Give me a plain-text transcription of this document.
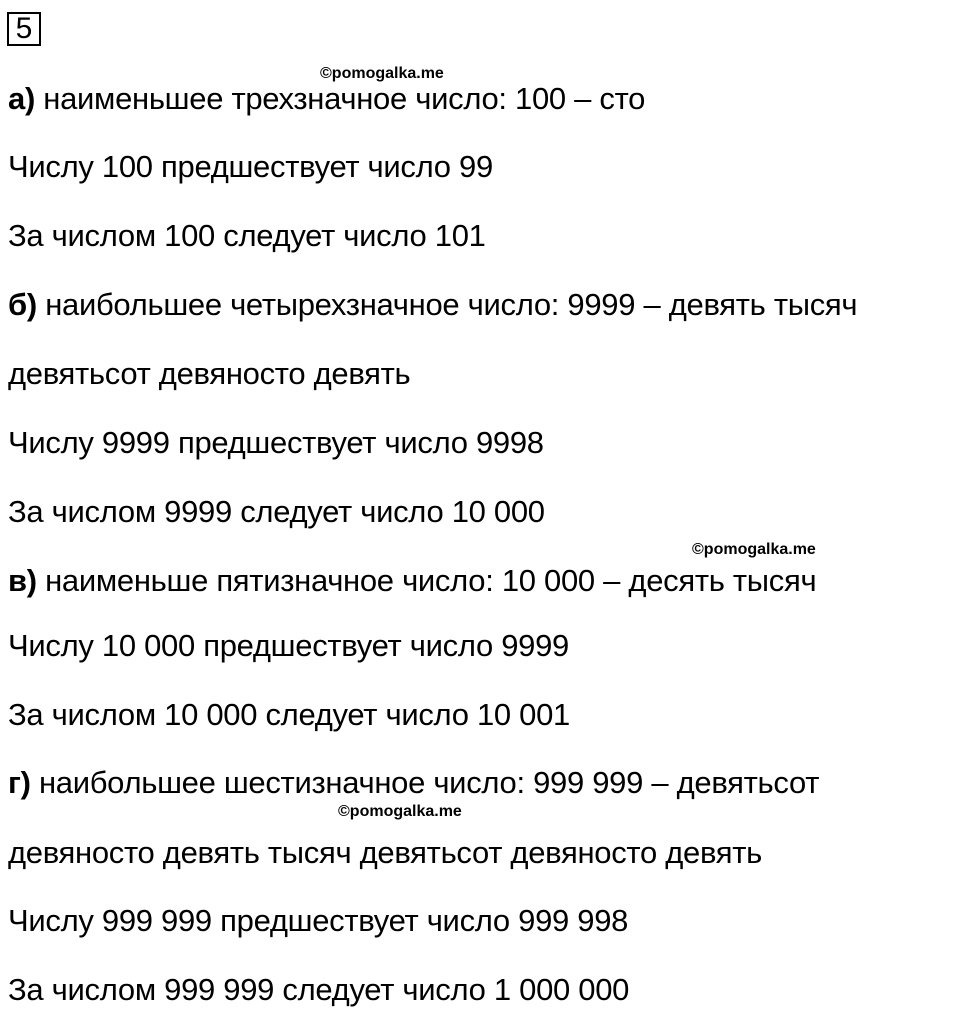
5
©pomogalka.me
©pomogalka.me
©pomogalka.me
а) наименьшее трехзначное число: 100 – сто
Числу 100 предшествует число 99
За числом 100 следует число 101
б) наибольшее четырехзначное число: 9999 – девять тысяч
девятьсот девяносто девять
Числу 9999 предшествует число 9998
За числом 9999 следует число 10 000
в) наименьше пятизначное число: 10 000 – десять тысяч
Числу 10 000 предшествует число 9999
За числом 10 000 следует число 10 001
г) наибольшее шестизначное число: 999 999 – девятьсот
девяносто девять тысяч девятьсот девяносто девять
Числу 999 999 предшествует число 999 998
За числом 999 999 следует число 1 000 000
